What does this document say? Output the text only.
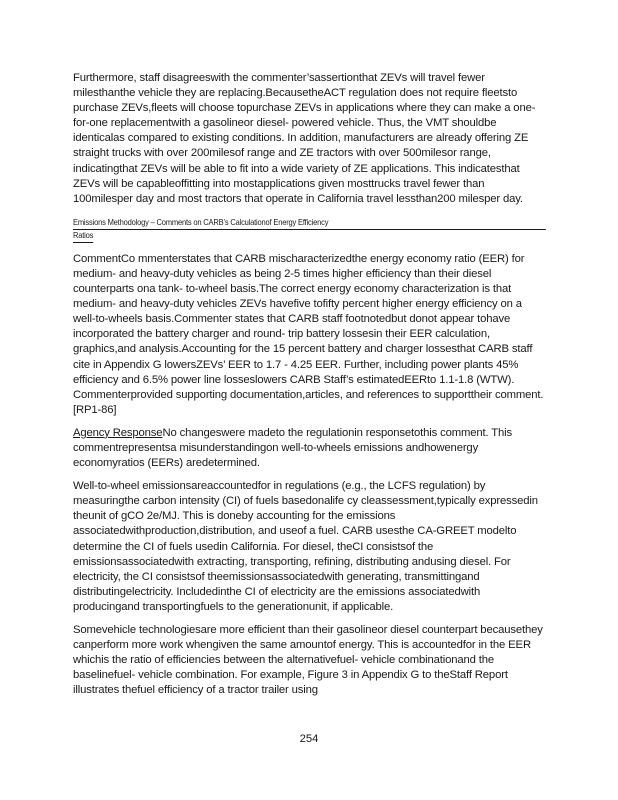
Furthermore, staff disagreeswith the commenter’sassertionthat ZEVs will travel fewer milesthanthe vehicle they are replacing.BecausetheACT regulation does not require fleetsto purchase ZEVs,fleets will choose topurchase ZEVs in applications where they can make a one-for-one replacementwith a gasolineor diesel- powered vehicle. Thus, the VMT shouldbe identicalas compared to existing conditions. In addition, manufacturers are already offering ZE straight trucks with over 200milesof range and ZE tractors with over 500milesor range, indicatingthat ZEVs will be able to fit into a wide variety of ZE applications. This indicatesthat ZEVs will be capableoffitting into mostapplications given mosttrucks travel fewer than 100milesper day and most tractors that operate in California travel lessthan200 milesper day.

Emissions Methodology – Comments on CARB’s Calculationof Energy Efficiency
Ratios

CommentCo mmenterstates that CARB mischaracterizedthe energy economy ratio (EER) for medium- and heavy-duty vehicles as being 2-5 times higher efficiency than their diesel counterparts ona tank- to-wheel basis.The correct energy economy characterization is that medium- and heavy-duty vehicles ZEVs havefive tofifty percent higher energy efficiency on a well-to-wheels basis.Commenter states that CARB staff footnotedbut donot appear tohave incorporated the battery charger and round- trip battery lossesin their EER calculation, graphics,and analysis.Accounting for the 15 percent battery and charger lossesthat CARB staff cite in Appendix G lowersZEVs’ EER to 1.7 - 4.25 EER. Further, including power plants 45% efficiency and 6.5% power line losseslowers CARB Staff’s estimatedEERto 1.1-1.8 (WTW). Commenterprovided supporting documentation,articles, and references to supporttheir comment. [RP1-86]

Agency ResponseNo changeswere madeto the regulationin responsetothis comment. This commentrepresentsa misunderstandingon well-to-wheels emissions andhowenergy economyratios (EERs) aredetermined.

Well-to-wheel emissionsareaccountedfor in regulations (e.g., the LCFS regulation) by measuringthe carbon intensity (CI) of fuels basedonalife cy cleassessment,typically expressedin theunit of gCO 2e/MJ. This is doneby accounting for the emissions associatedwithproduction,distribution, and useof a fuel. CARB usesthe CA-GREET modelto determine the CI of fuels usedin California. For diesel, theCI consistsof the emissionsassociatedwith extracting, transporting, refining, distributing andusing diesel. For electricity, the CI consistsof theemissionsassociatedwith generating, transmittingand distributingelectricity. Includedinthe CI of electricity are the emissions associatedwith producingand transportingfuels to the generationunit, if applicable.

Somevehicle technologiesare more efficient than their gasolineor diesel counterpart becausethey canperform more work whengiven the same amountof energy. This is accountedfor in the EER whichis the ratio of efficiencies between the alternativefuel- vehicle combinationand the baselinefuel- vehicle combination. For example, Figure 3 in Appendix G to theStaff Report illustrates thefuel efficiency of a tractor trailer using

254
